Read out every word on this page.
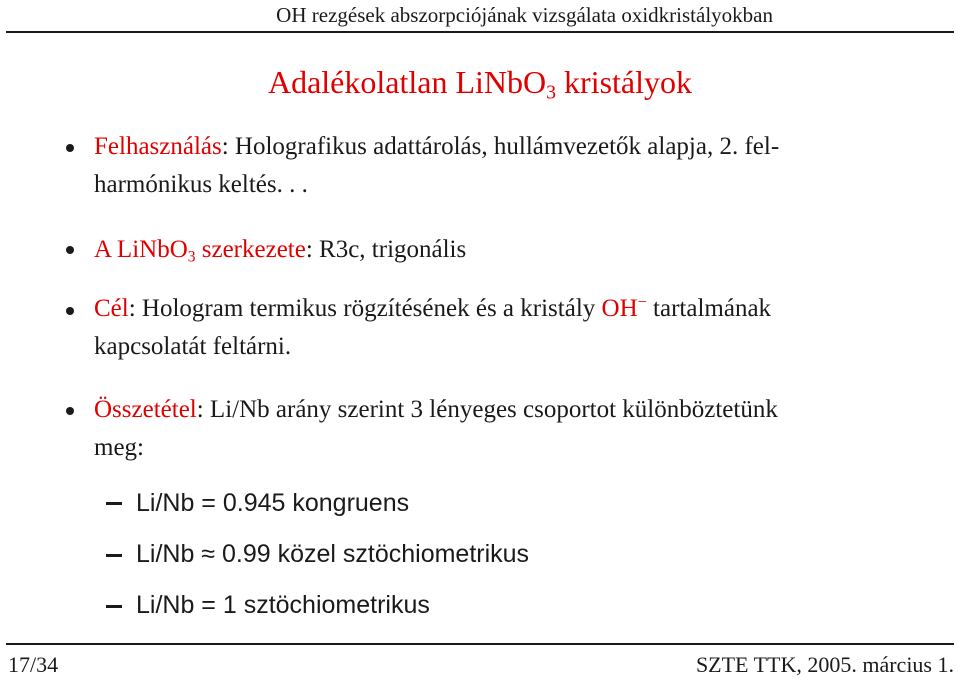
OH rezgések abszorpciójának vizsgálata oxidkristályokban
Adalékolatlan LiNbO$_3$ kristályok
Felhasználás: Holografikus adattárolás, hullámvezetők alapja, 2. fel-
harmónikus keltés. . .
A LiNbO$_3$ szerkezete: R3c, trigonális
Cél: Hologram termikus rögzítésének és a kristály OH− tartalmának
kapcsolatát feltárni.
Összetétel: Li/Nb arány szerint 3 lényeges csoportot különböztetünk
meg:
Li/Nb = 0.945 kongruens
Li/Nb ≈ 0.99 közel sztöchiometrikus
Li/Nb = 1 sztöchiometrikus
17/34	SZTE TTK, 2005. március 1.
